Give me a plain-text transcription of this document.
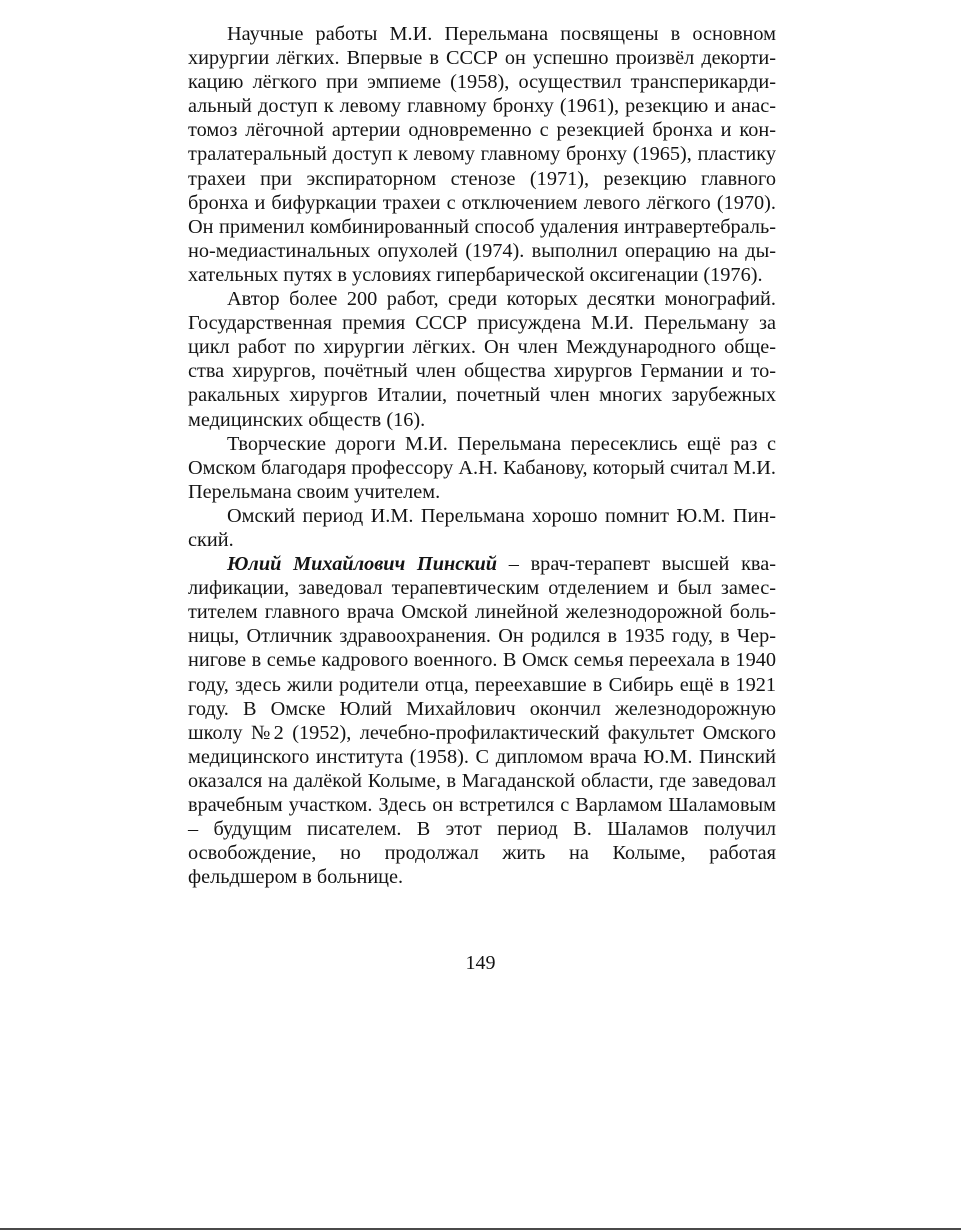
Научные работы М.И. Перельмана посвящены в основном хирургии лёгких. Впервые в СССР он успешно произвёл декортикацию лёгкого при эмпиеме (1958), осуществил трансперикардиальный доступ к левому главному бронху (1961), резекцию и анастомоз лёгочной артерии одновременно с резекцией бронха и контралатеральный доступ к левому главному бронху (1965), пластику трахеи при экспираторном стенозе (1971), резекцию главного бронха и бифуркации трахеи с отключением левого лёгкого (1970). Он применил комбинированный способ удаления интравертебрально-медиастинальных опухолей (1974). выполнил операцию на дыхательных путях в условиях гипербарической оксигенации (1976).

Автор более 200 работ, среди которых десятки монографий. Государственная премия СССР присуждена М.И. Перельману за цикл работ по хирургии лёгких. Он член Международного общества хирургов, почётный член общества хирургов Германии и торакальных хирургов Италии, почетный член многих зарубежных медицинских обществ (16).

Творческие дороги М.И. Перельмана пересеклись ещё раз с Омском благодаря профессору А.Н. Кабанову, который считал М.И. Перельмана своим учителем.

Омский период И.М. Перельмана хорошо помнит Ю.М. Пинский.

Юлий Михайлович Пинский – врач-терапевт высшей квалификации, заведовал терапевтическим отделением и был заместителем главного врача Омской линейной железнодорожной больницы, Отличник здравоохранения. Он родился в 1935 году, в Чернигове в семье кадрового военного. В Омск семья переехала в 1940 году, здесь жили родители отца, переехавшие в Сибирь ещё в 1921 году. В Омске Юлий Михайлович окончил железнодорожную школу №2 (1952), лечебно-профилактический факультет Омского медицинского института (1958). С дипломом врача Ю.М. Пинский оказался на далёкой Колыме, в Магаданской области, где заведовал врачебным участком. Здесь он встретился с Варламом Шаламовым – будущим писателем. В этот период В. Шаламов получил освобождение, но продолжал жить на Колыме, работая фельдшером в больнице.

149
